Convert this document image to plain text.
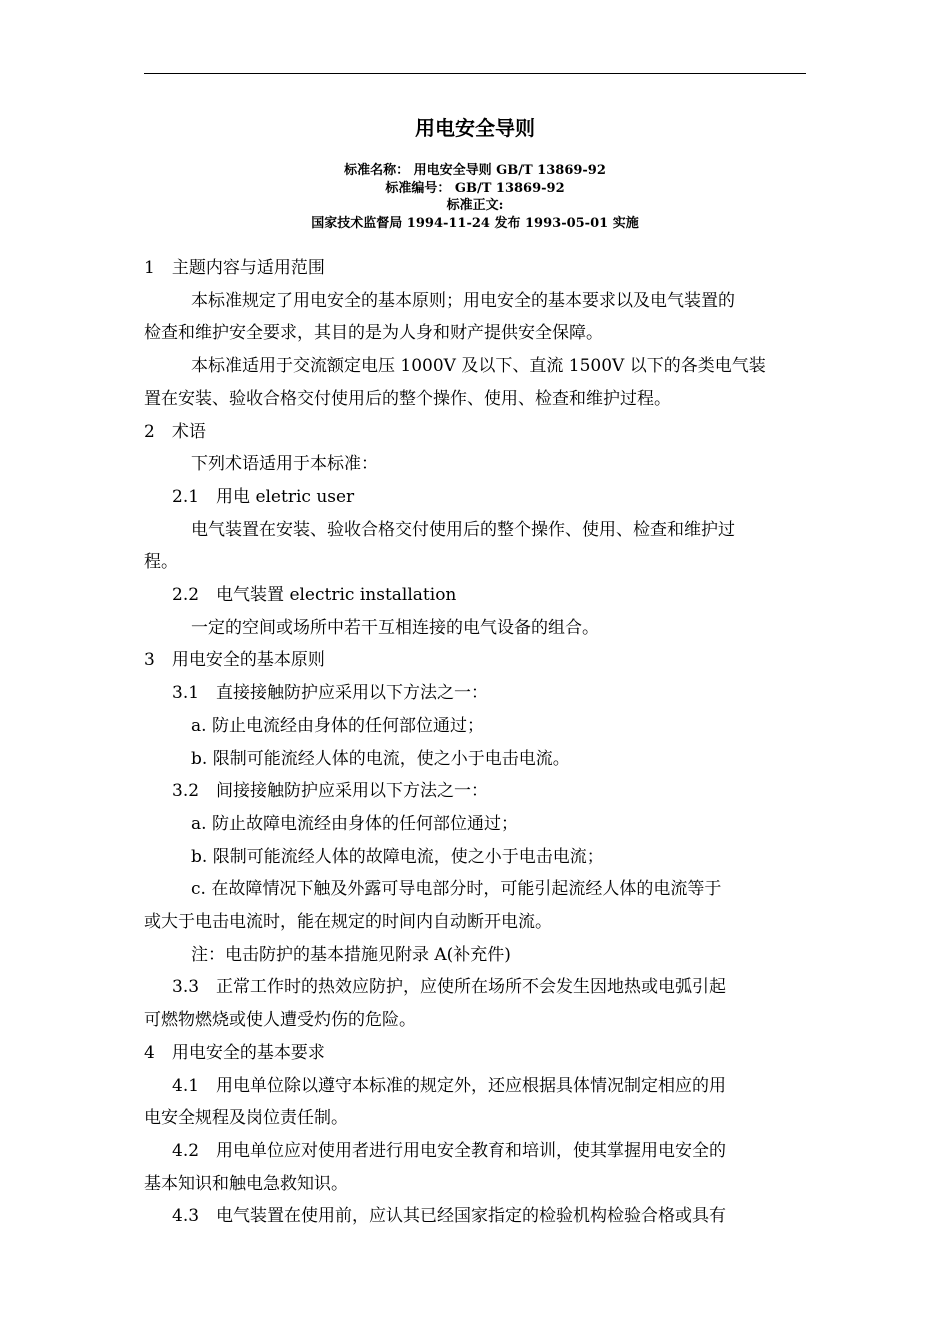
用电安全导则
标准名称： 用电安全导则 GB/T 13869-92
标准编号： GB/T 13869-92
标准正文:
国家技术监督局 1994-11-24 发布 1993-05-01 实施

1　主题内容与适用范围

本标准规定了用电安全的基本原则；用电安全的基本要求以及电气装置的

检查和维护安全要求，其目的是为人身和财产提供安全保障。

本标准适用于交流额定电压 1000V 及以下、直流 1500V 以下的各类电气装

置在安装、验收合格交付使用后的整个操作、使用、检查和维护过程。

2　术语

下列术语适用于本标准：

2.1　用电 eletric user

电气装置在安装、验收合格交付使用后的整个操作、使用、检查和维护过

程。

2.2　电气装置 electric installation

一定的空间或场所中若干互相连接的电气设备的组合。

3　用电安全的基本原则

3.1　直接接触防护应采用以下方法之一：

a. 防止电流经由身体的任何部位通过；

b. 限制可能流经人体的电流，使之小于电击电流。

3.2　间接接触防护应采用以下方法之一：

a. 防止故障电流经由身体的任何部位通过；

b. 限制可能流经人体的故障电流，使之小于电击电流；

c. 在故障情况下触及外露可导电部分时，可能引起流经人体的电流等于

或大于电击电流时，能在规定的时间内自动断开电流。

注：电击防护的基本措施见附录 A(补充件)

3.3　正常工作时的热效应防护，应使所在场所不会发生因地热或电弧引起

可燃物燃烧或使人遭受灼伤的危险。

4　用电安全的基本要求

4.1　用电单位除以遵守本标准的规定外，还应根据具体情况制定相应的用

电安全规程及岗位责任制。

4.2　用电单位应对使用者进行用电安全教育和培训，使其掌握用电安全的

基本知识和触电急救知识。

4.3　电气装置在使用前，应认其已经国家指定的检验机构检验合格或具有
